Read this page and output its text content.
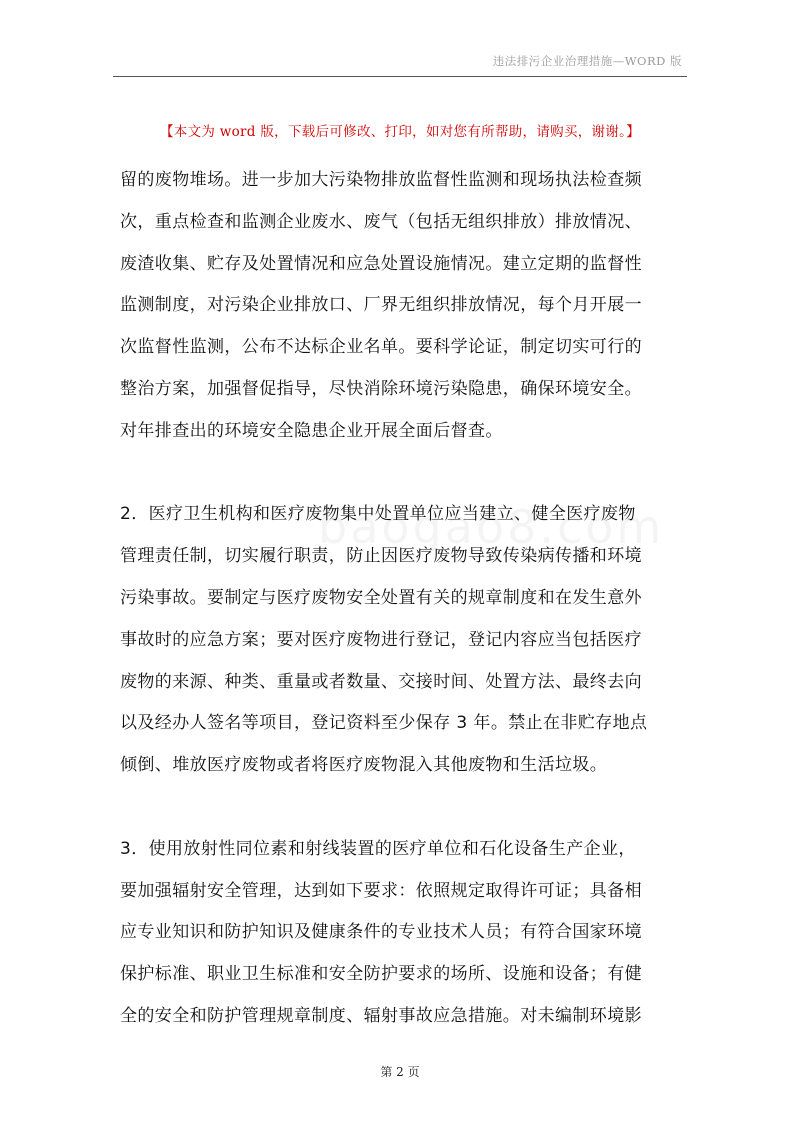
违法排污企业治理措施—WORD 版
【本文为 word 版，下载后可修改、打印，如对您有所帮助，请购买，谢谢。】
留的废物堆场。进一步加大污染物排放监督性监测和现场执法检查频
次，重点检查和监测企业废水、废气（包括无组织排放）排放情况、
废渣收集、贮存及处置情况和应急处置设施情况。建立定期的监督性
监测制度，对污染企业排放口、厂界无组织排放情况，每个月开展一
次监督性监测，公布不达标企业名单。要科学论证，制定切实可行的
整治方案，加强督促指导，尽快消除环境污染隐患，确保环境安全。
对年排查出的环境安全隐患企业开展全面后督查。
2．医疗卫生机构和医疗废物集中处置单位应当建立、健全医疗废物
管理责任制，切实履行职责，防止因医疗废物导致传染病传播和环境
污染事故。要制定与医疗废物安全处置有关的规章制度和在发生意外
事故时的应急方案；要对医疗废物进行登记，登记内容应当包括医疗
废物的来源、种类、重量或者数量、交接时间、处置方法、最终去向
以及经办人签名等项目，登记资料至少保存 3 年。禁止在非贮存地点
倾倒、堆放医疗废物或者将医疗废物混入其他废物和生活垃圾。
3．使用放射性同位素和射线装置的医疗单位和石化设备生产企业，
要加强辐射安全管理，达到如下要求：依照规定取得许可证；具备相
应专业知识和防护知识及健康条件的专业技术人员；有符合国家环境
保护标准、职业卫生标准和安全防护要求的场所、设施和设备；有健
全的安全和防护管理规章制度、辐射事故应急措施。对未编制环境影
第 2 页
